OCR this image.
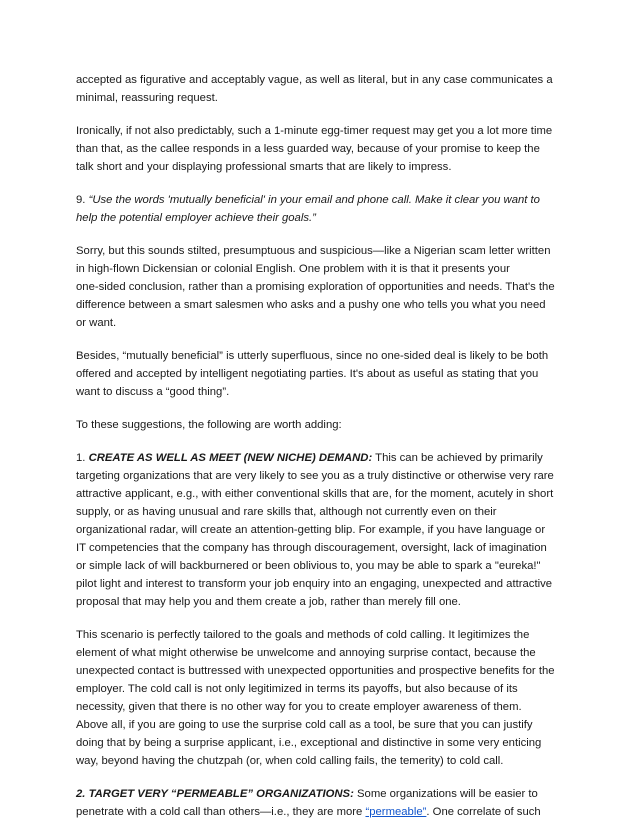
accepted as figurative and acceptably vague, as well as literal, but in any case communicates a
minimal, reassuring request.

Ironically, if not also predictably, such a 1-minute egg-timer request may get you a lot more time
than that, as the callee responds in a less guarded way, because of your promise to keep the
talk short and your displaying professional smarts that are likely to impress.

9. “Use the words 'mutually beneficial' in your email and phone call. Make it clear you want to
help the potential employer achieve their goals.”

Sorry, but this sounds stilted, presumptuous and suspicious—like a Nigerian scam letter written
in high-flown Dickensian or colonial English. One problem with it is that it presents your
one-sided conclusion, rather than a promising exploration of opportunities and needs. That's the
difference between a smart salesmen who asks and a pushy one who tells you what you need
or want.

Besides, “mutually beneficial” is utterly superfluous, since no one-sided deal is likely to be both
offered and accepted by intelligent negotiating parties. It's about as useful as stating that you
want to discuss a “good thing”.

To these suggestions, the following are worth adding:

1. CREATE AS WELL AS MEET (NEW NICHE) DEMAND: This can be achieved by primarily
targeting organizations that are very likely to see you as a truly distinctive or otherwise very rare
attractive applicant, e.g., with either conventional skills that are, for the moment, acutely in short
supply, or as having unusual and rare skills that, although not currently even on their
organizational radar, will create an attention-getting blip. For example, if you have language or
IT competencies that the company has through discouragement, oversight, lack of imagination
or simple lack of will backburnered or been oblivious to, you may be able to spark a "eureka!"
pilot light and interest to transform your job enquiry into an engaging, unexpected and attractive
proposal that may help you and them create a job, rather than merely fill one.

This scenario is perfectly tailored to the goals and methods of cold calling. It legitimizes the
element of what might otherwise be unwelcome and annoying surprise contact, because the
unexpected contact is buttressed with unexpected opportunities and prospective benefits for the
employer. The cold call is not only legitimized in terms its payoffs, but also because of its
necessity, given that there is no other way for you to create employer awareness of them.
Above all, if you are going to use the surprise cold call as a tool, be sure that you can justify
doing that by being a surprise applicant, i.e., exceptional and distinctive in some very enticing
way, beyond having the chutzpah (or, when cold calling fails, the temerity) to cold call.

2. TARGET VERY “PERMEABLE” ORGANIZATIONS: Some organizations will be easier to
penetrate with a cold call than others—i.e., they are more “permeable”. One correlate of such
